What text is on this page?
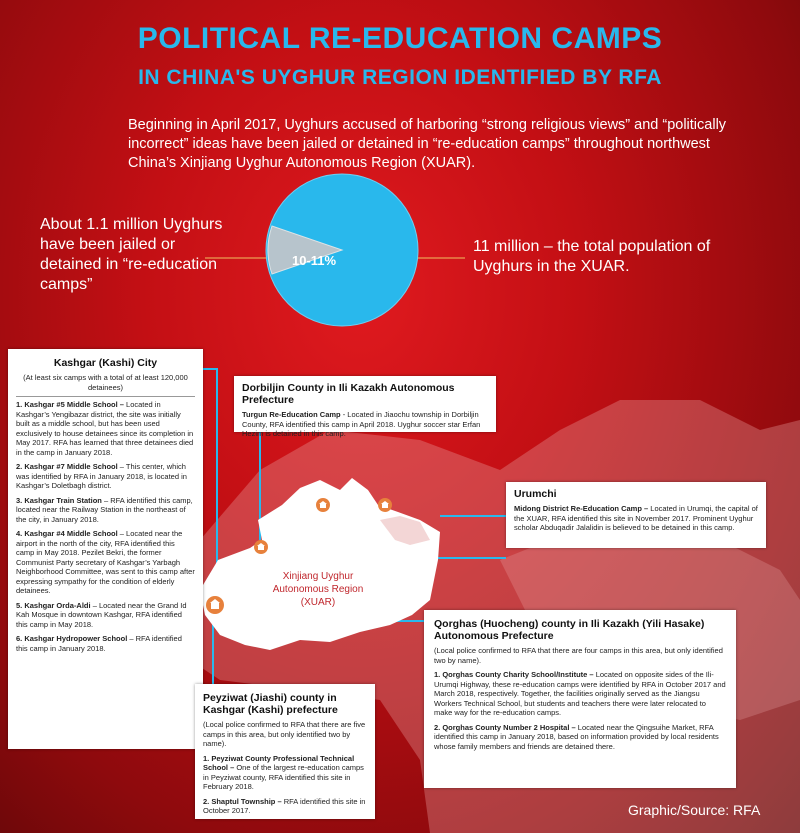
Xinjiang Uyghur Autonomous Region (XUAR)
POLITICAL RE-EDUCATION CAMPS
IN CHINA'S UYGHUR REGION IDENTIFIED BY RFA
Beginning in April 2017, Uyghurs accused of harboring “strong religious views” and “politically incorrect” ideas have been jailed or detained in “re-education camps” throughout northwest China’s Xinjiang Uyghur Autonomous Region (XUAR).
About 1.1 million Uyghurs have been jailed or detained in “re-education camps”
11 million – the total population of Uyghurs in the XUAR.
10-11%
Kashgar (Kashi) City

(At least six camps with a total of at least 120,000 detainees)

1. Kashgar #5 Middle School – Located in Kashgar’s Yengibazar district, the site was initially built as a middle school, but has been used exclusively to house detainees since its completion in May 2017. RFA has learned that three detainees died in the camp in January 2018.

2. Kashgar #7 Middle School – This center, which was identified by RFA in January 2018, is located in Kashgar’s Doletbagh district.

3. Kashgar Train Station – RFA identified this camp, located near the Railway Station in the northeast of the city, in January 2018.

4. Kashgar #4 Middle School – Located near the airport in the north of the city, RFA identified this camp in May 2018. Pezilet Bekri, the former Communist Party secretary of Kashgar’s Yarbagh Neighborhood Committee, was sent to this camp after expressing sympathy for the condition of elderly detainees.

5. Kashgar Orda-Aldi – Located near the Grand Id Kah Mosque in downtown Kashgar, RFA identified this camp in May 2018.

6. Kashgar Hydropower School – RFA identified this camp in January 2018.

Dorbiljin County in Ili Kazakh Autonomous Prefecture

Turgun Re-Education Camp - Located in Jiaochu township in Dorbiljin County, RFA identified this camp in April 2018. Uyghur soccer star Erfan Hezim is detained in this camp.

Urumchi

Midong District Re-Education Camp – Located in Urumqi, the capital of the XUAR, RFA identified this site in November 2017. Prominent Uyghur scholar Abduqadir Jalalidin is believed to be detained in this camp.

Qorghas (Huocheng) county in Ili Kazakh (Yili Hasake) Autonomous Prefecture

(Local police confirmed to RFA that there are four camps in this area, but only identified two by name).

1. Qorghas County Charity School/Institute – Located on opposite sides of the Ili-Urumqi Highway, these re-education camps were identified by RFA in October 2017 and March 2018, respectively. Together, the facilities originally served as the Jiangsu Workers Technical School, but students and teachers there were later relocated to make way for the re-education camps.

2. Qorghas County Number 2 Hospital – Located near the Qingsuihe Market, RFA identified this camp in January 2018, based on information provided by local residents whose family members and friends are detained there.

Peyziwat (Jiashi) county in Kashgar (Kashi) prefecture

(Local police confirmed to RFA that there are five camps in this area, but only identified two by name).

1. Peyziwat County Professional Technical School – One of the largest re-education camps in Peyziwat county, RFA identified this site in February 2018.

2. Shaptul Township – RFA identified this site in October 2017.	Graphic/Source: RFA
